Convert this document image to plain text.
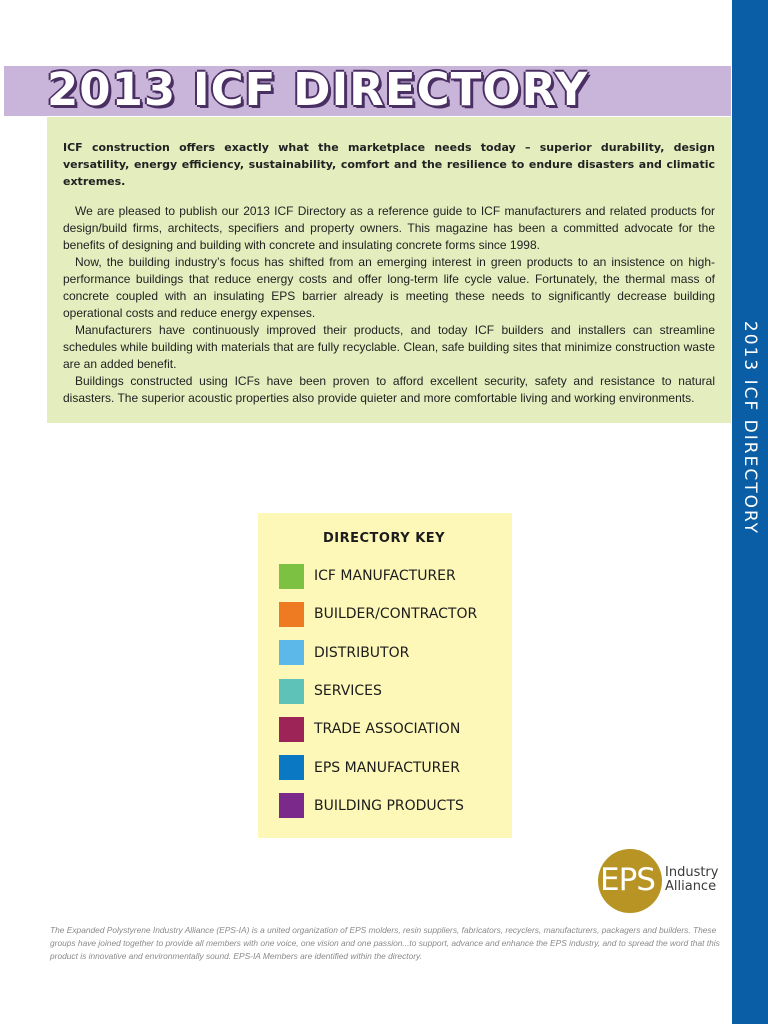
2013 ICF DIRECTORY
2013 ICF DIRECTORY

ICF construction offers exactly what the marketplace needs today – superior durability, design versatility, energy efficiency, sustainability, comfort and the resilience to endure disasters and climatic extremes.

We are pleased to publish our 2013 ICF Directory as a reference guide to ICF manufacturers and related products for design/build firms, architects, specifiers and property owners. This magazine has been a committed advocate for the benefits of designing and building with concrete and insulating concrete forms since 1998.

Now, the building industry’s focus has shifted from an emerging interest in green products to an insistence on high-performance buildings that reduce energy costs and offer long-term life cycle value. Fortunately, the thermal mass of concrete coupled with an insulating EPS barrier already is meeting these needs to significantly decrease building operational costs and reduce energy expenses.

Manufacturers have continuously improved their products, and today ICF builders and installers can streamline schedules while building with materials that are fully recyclable. Clean, safe building sites that minimize construction waste are an added benefit.

Buildings constructed using ICFs have been proven to afford excellent security, safety and resistance to natural disasters. The superior acoustic properties also provide quieter and more comfortable living and working environments.

DIRECTORY KEY
ICF MANUFACTURER
BUILDER/CONTRACTOR
DISTRIBUTOR
SERVICES
TRADE ASSOCIATION
EPS MANUFACTURER
BUILDING PRODUCTS
EPS Industry
Alliance

The Expanded Polystyrene Industry Alliance (EPS-IA) is a united organization of EPS molders, resin suppliers, fabricators, recyclers, manufacturers, packagers and builders. These groups have joined together to provide all members with one voice, one vision and one passion...to support, advance and enhance the EPS industry, and to spread the word that this product is innovative and environmentally sound. EPS-IA Members are identified within the directory.
